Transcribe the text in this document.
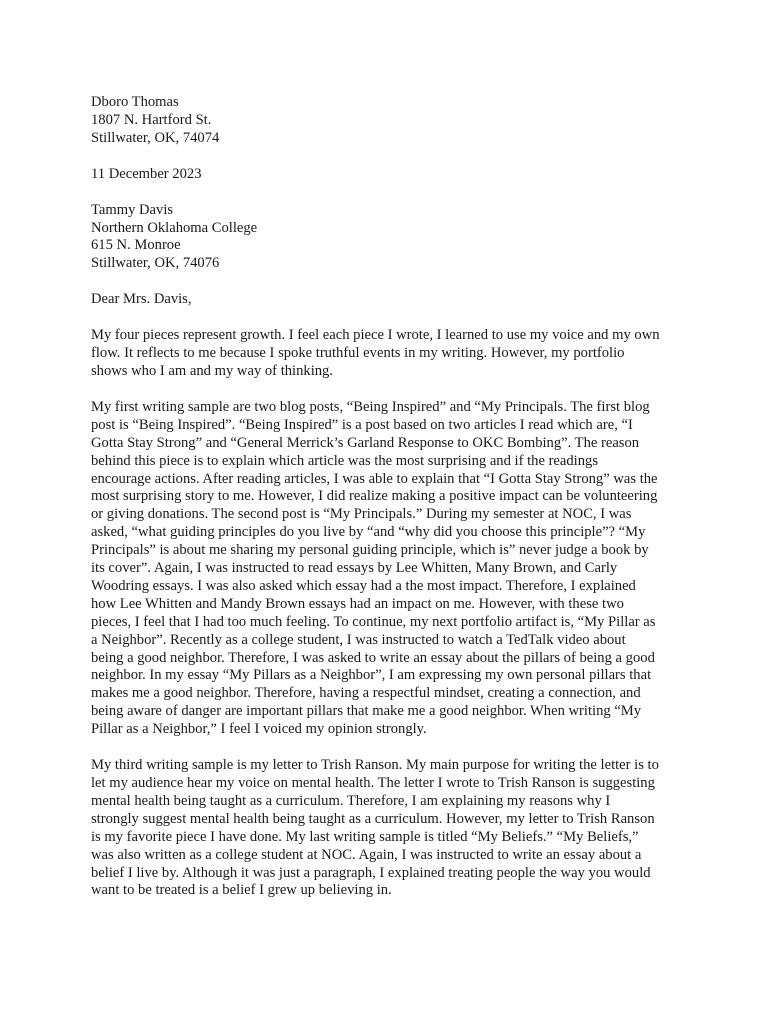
Dboro Thomas
1807 N. Hartford St.
Stillwater, OK, 74074
11 December 2023
Tammy Davis
Northern Oklahoma College
615 N. Monroe
Stillwater, OK, 74076
Dear Mrs. Davis,

My four pieces represent growth. I feel each piece I wrote, I learned to use my voice and my own
flow. It reflects to me because I spoke truthful events in my writing. However, my portfolio
shows who I am and my way of thinking.

My first writing sample are two blog posts, “Being Inspired” and “My Principals. The first blog
post is “Being Inspired”. “Being Inspired” is a post based on two articles I read which are, “I
Gotta Stay Strong” and “General Merrick’s Garland Response to OKC Bombing”. The reason
behind this piece is to explain which article was the most surprising and if the readings
encourage actions. After reading articles, I was able to explain that “I Gotta Stay Strong” was the
most surprising story to me. However, I did realize making a positive impact can be volunteering
or giving donations. The second post is “My Principals.” During my semester at NOC, I was
asked, “what guiding principles do you live by “and “why did you choose this principle”? “My
Principals” is about me sharing my personal guiding principle, which is” never judge a book by
its cover”. Again, I was instructed to read essays by Lee Whitten, Many Brown, and Carly
Woodring essays. I was also asked which essay had a the most impact. Therefore, I explained
how Lee Whitten and Mandy Brown essays had an impact on me. However, with these two
pieces, I feel that I had too much feeling. To continue, my next portfolio artifact is, “My Pillar as
a Neighbor”. Recently as a college student, I was instructed to watch a TedTalk video about
being a good neighbor. Therefore, I was asked to write an essay about the pillars of being a good
neighbor. In my essay “My Pillars as a Neighbor”, I am expressing my own personal pillars that
makes me a good neighbor. Therefore, having a respectful mindset, creating a connection, and
being aware of danger are important pillars that make me a good neighbor. When writing “My
Pillar as a Neighbor,” I feel I voiced my opinion strongly.

My third writing sample is my letter to Trish Ranson. My main purpose for writing the letter is to
let my audience hear my voice on mental health. The letter I wrote to Trish Ranson is suggesting
mental health being taught as a curriculum. Therefore, I am explaining my reasons why I
strongly suggest mental health being taught as a curriculum. However, my letter to Trish Ranson
is my favorite piece I have done. My last writing sample is titled “My Beliefs.” “My Beliefs,”
was also written as a college student at NOC. Again, I was instructed to write an essay about a
belief I live by. Although it was just a paragraph, I explained treating people the way you would
want to be treated is a belief I grew up believing in.
